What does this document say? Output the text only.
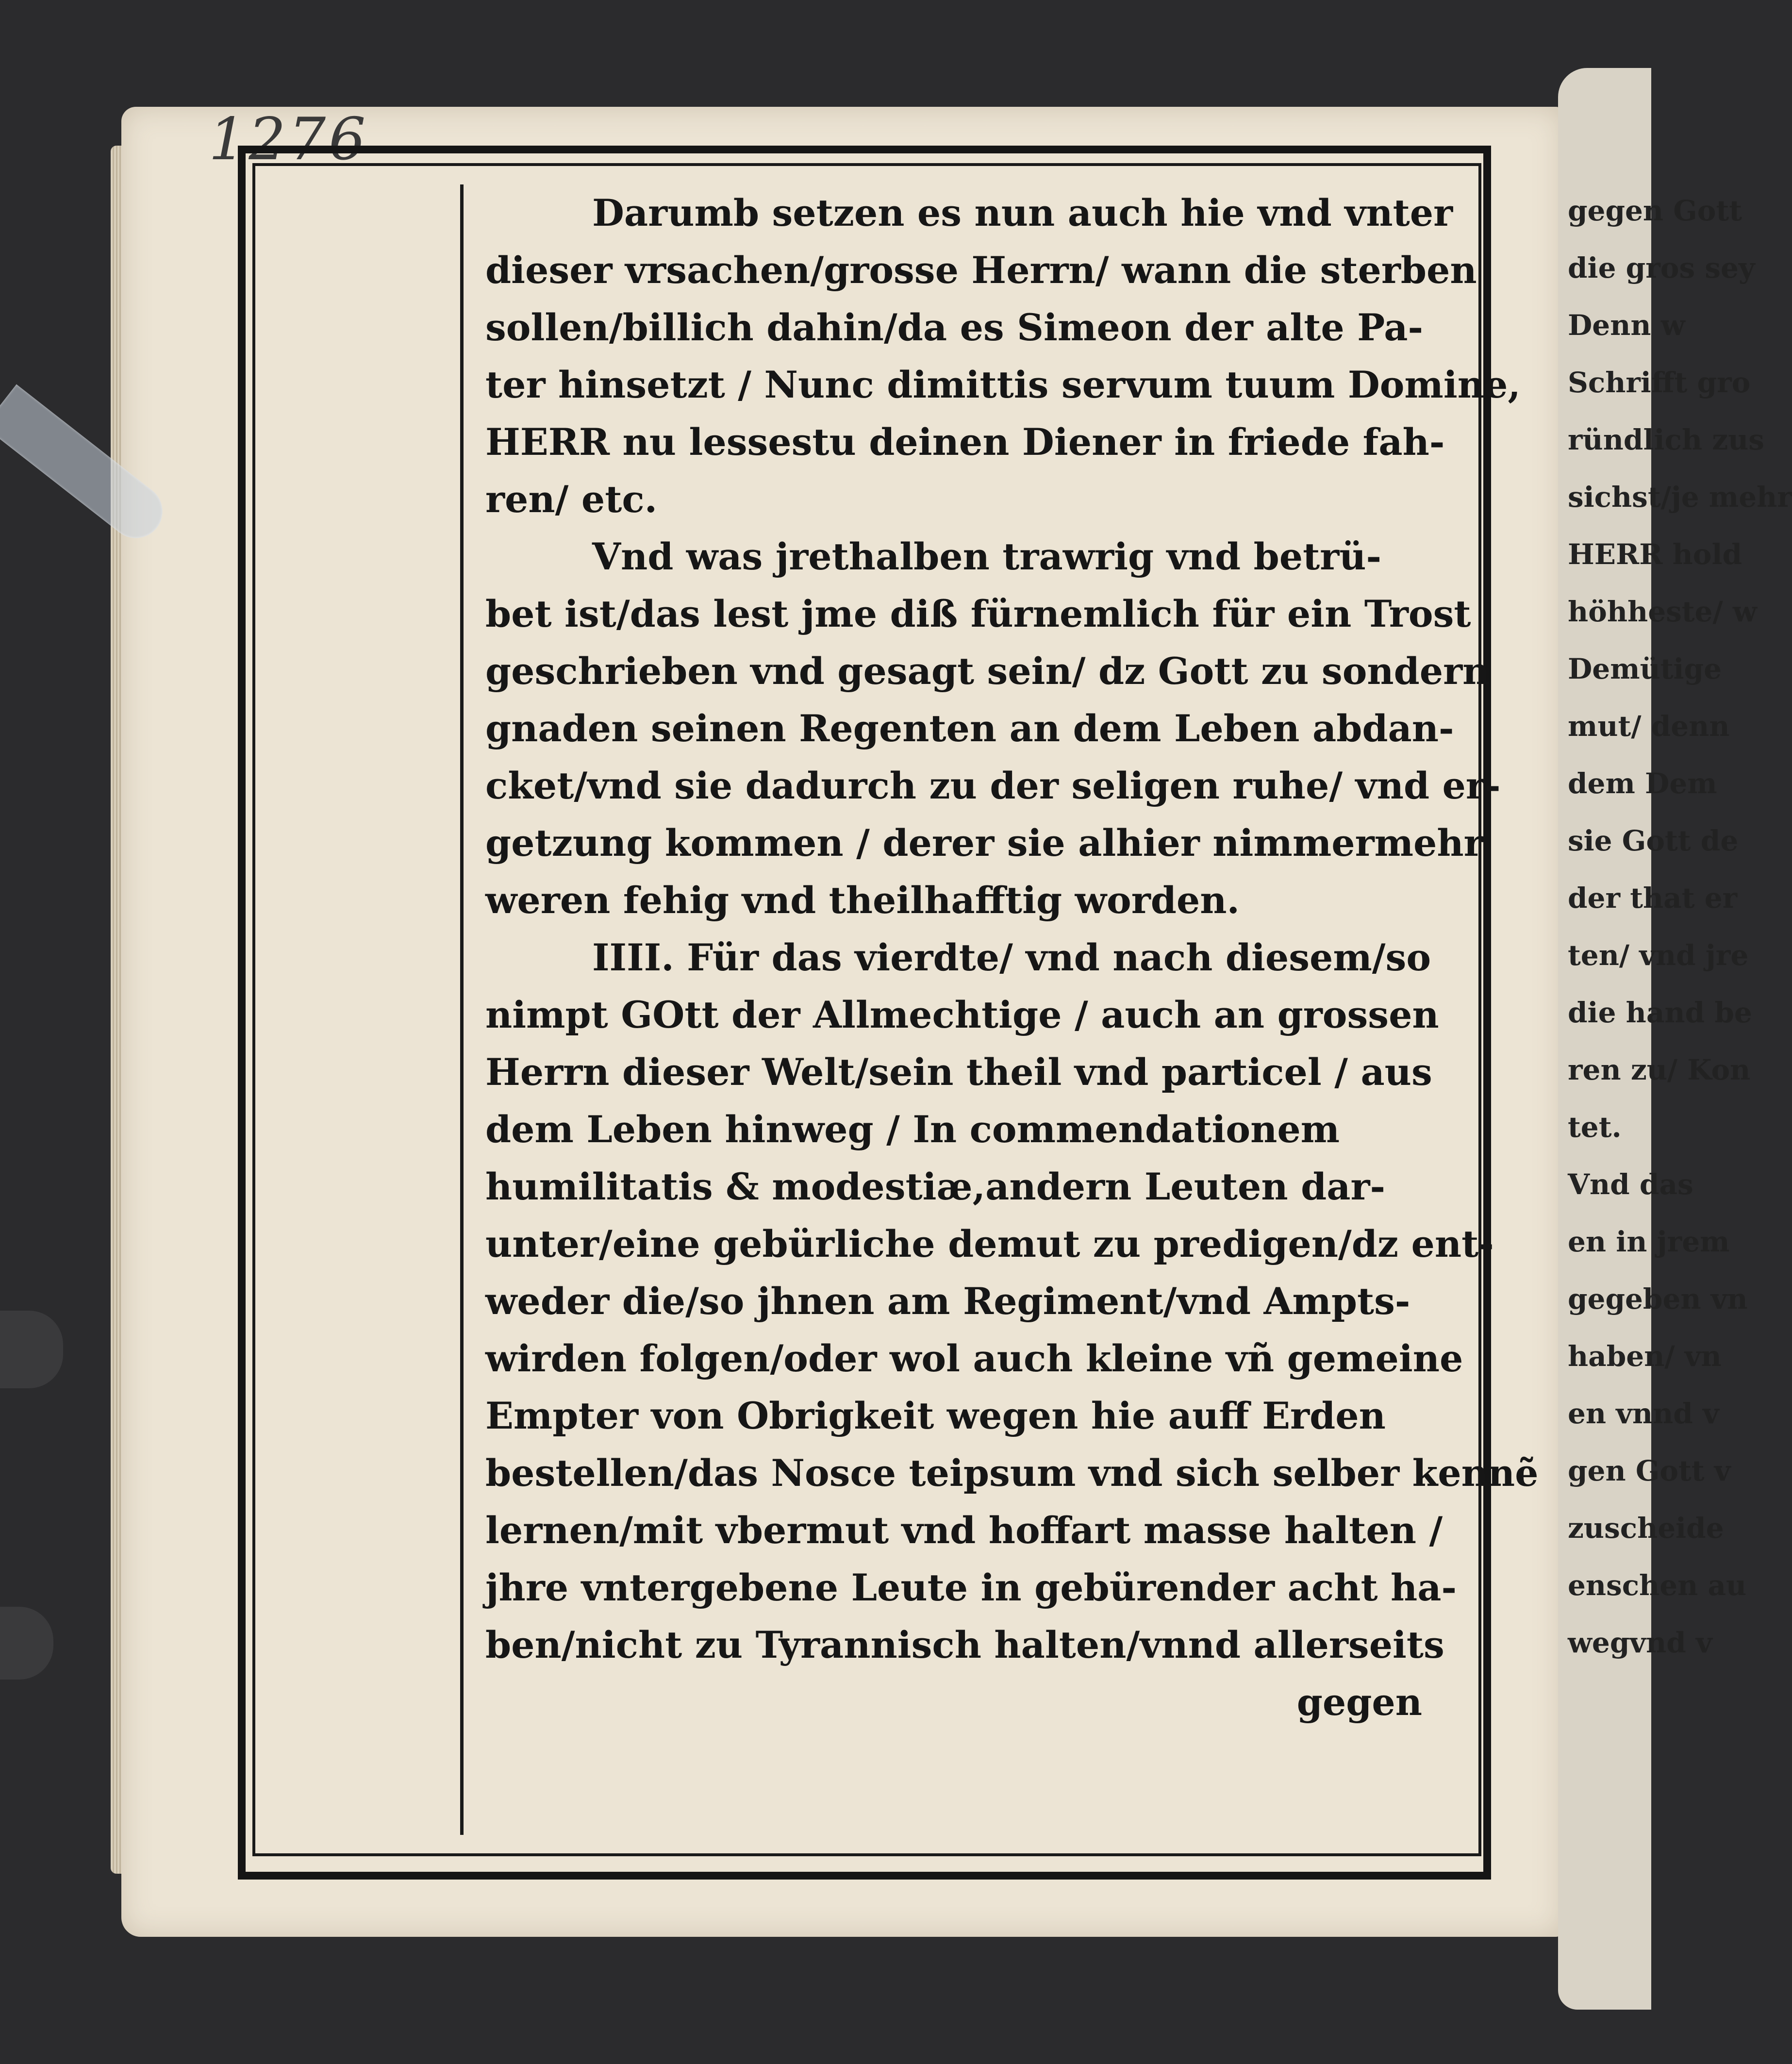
gegen Gott
die gros sey
Denn w
Schrifft gro
ründlich zus
sichst/je mehr
HERR hold
höhheste/ w
Demütige
mut/ denn
dem Dem
sie Gott de
der that er
ten/ vnd jre
die hand be
ren zu/ Kon
tet.
Vnd das
en in jrem
gegeben vn
haben/ vn
en vnnd v
gen Gott v
zuscheide
enschen au
wegvnd v
1276
Darumb setzen es nun auch hie vnd vnter
dieser vrsachen/grosse Herrn/ wann die sterben
sollen/billich dahin/da es Simeon der alte Pa-
ter hinsetzt / Nunc dimittis servum tuum Domine,
HERR nu lessestu deinen Diener in friede fah-
ren/ etc.
Vnd was jrethalben trawrig vnd betrü-
bet ist/das lest jme diß fürnemlich für ein Trost
geschrieben vnd gesagt sein/ dz Gott zu sondern
gnaden seinen Regenten an dem Leben abdan-
cket/vnd sie dadurch zu der seligen ruhe/ vnd er-
getzung kommen / derer sie alhier nimmermehr
weren fehig vnd theilhafftig worden.
IIII. Für das vierdte/ vnd nach diesem/so
nimpt GOtt der Allmechtige / auch an grossen
Herrn dieser Welt/sein theil vnd particel / aus
dem Leben hinweg / In commendationem
humilitatis & modestiæ,andern Leuten dar-
unter/eine gebürliche demut zu predigen/dz ent-
weder die/so jhnen am Regiment/vnd Ampts-
wirden folgen/oder wol auch kleine vñ gemeine
Empter von Obrigkeit wegen hie auff Erden
bestellen/das Nosce teipsum vnd sich selber kennẽ
lernen/mit vbermut vnd hoffart masse halten /
jhre vntergebene Leute in gebürender acht ha-
ben/nicht zu Tyrannisch halten/vnnd allerseits
gegen
